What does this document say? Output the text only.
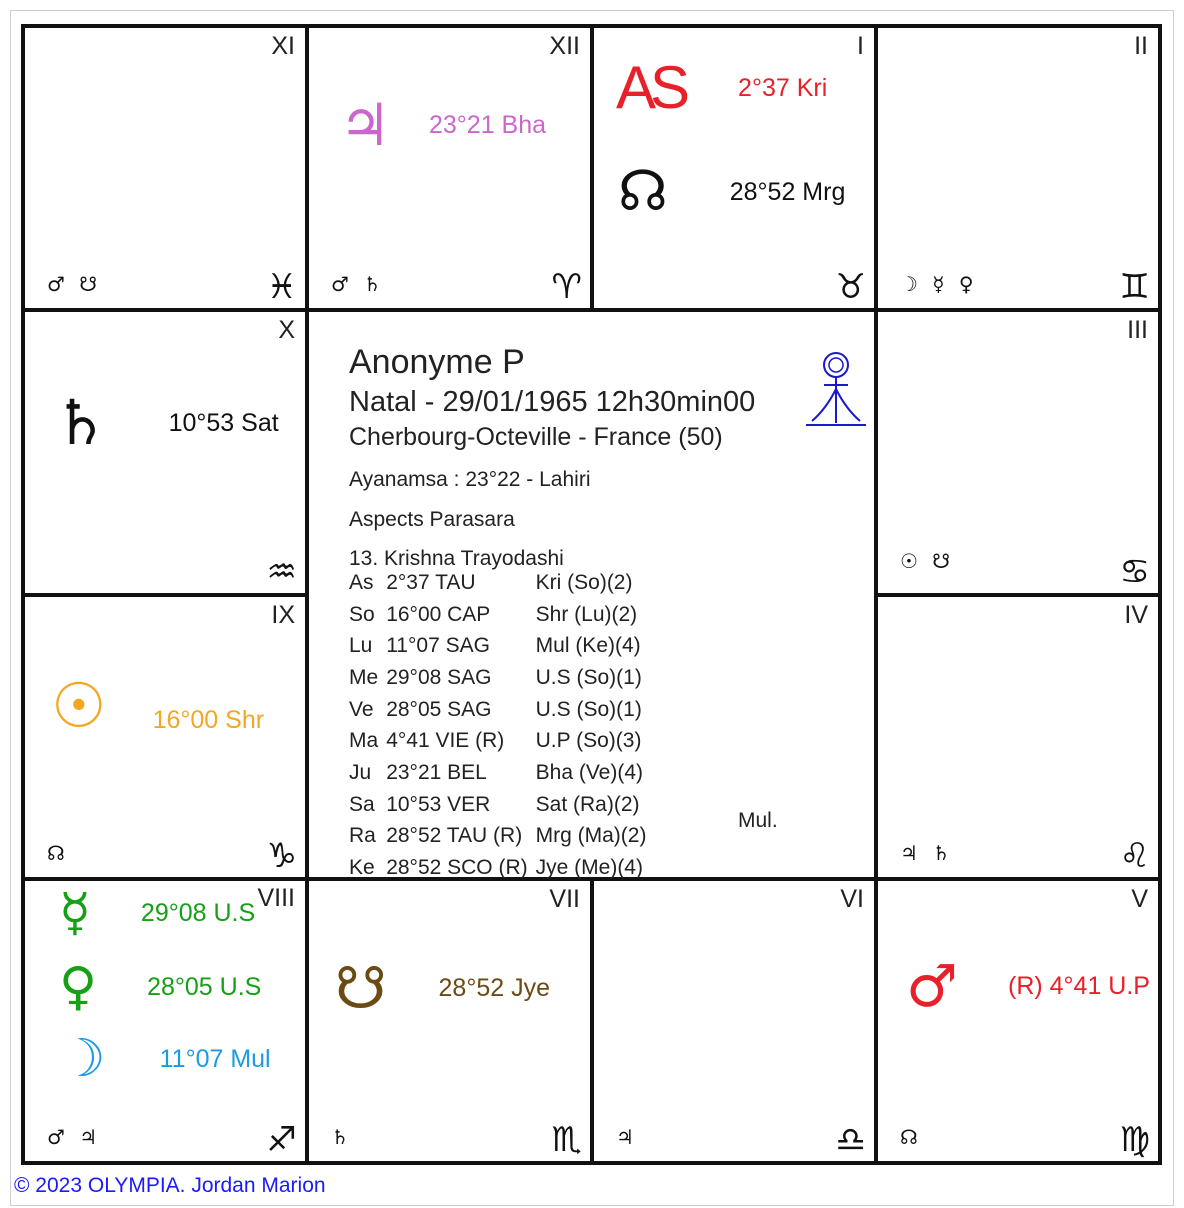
XI
♂ ☋	♓
XII
♃ 23°21 Bha
♂ ♄	♈
I
AS 2°37 Kri
☊ 28°52 Mrg
♉
II
☽ ☿ ♀	♊
X
♄ 10°53 Sat
♒
III
☉ ☋	♋
IX
☉ 16°00 Shr
☊	♑
IV
♃ ♄	♌
VIII
☿ 29°08 U.S
♀ 28°05 U.S
☽ 11°07 Mul
♂ ♃	♐
VII
☋ 28°52 Jye
♄	♏
VI
♃	♎
V
♂ (R) 4°41 U.P
☊	♍
Anonyme P
Natal - 29/01/1965 12h30min00
Cherbourg-Octeville - France (50)
Ayanamsa : 23°22 - Lahiri
Aspects Parasara
13. Krishna Trayodashi
As	2°37 TAU	Kri (So)(2)
So	16°00 CAP	Shr (Lu)(2)
Lu	11°07 SAG	Mul (Ke)(4)
Me	29°08 SAG	U.S (So)(1)
Ve	28°05 SAG	U.S (So)(1)
Ma	4°41 VIE (R)	U.P (So)(3)
Ju	23°21 BEL	Bha (Ve)(4)
Sa	10°53 VER	Sat (Ra)(2)
Ra	28°52 TAU (R)	Mrg (Ma)(2)
Ke	28°52 SCO (R)	Jye (Me)(4)
Mul.
© 2023 OLYMPIA. Jordan Marion
